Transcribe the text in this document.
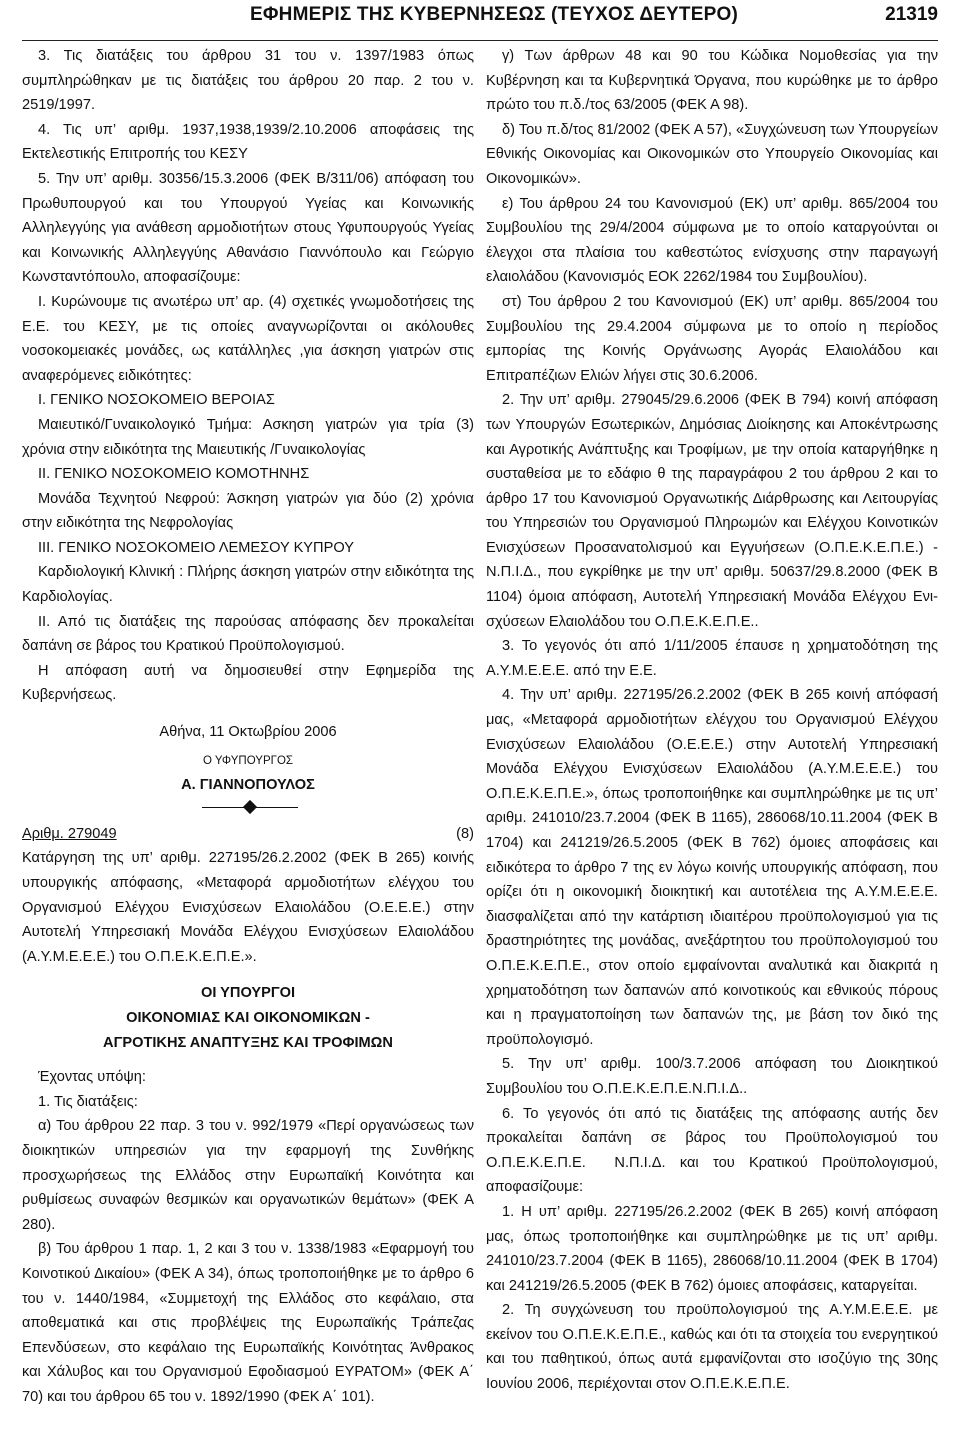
ΕΦΗΜΕΡΙΣ ΤΗΣ ΚΥΒΕΡΝΗΣΕΩΣ (ΤΕΥΧΟΣ ΔΕΥΤΕΡΟ)	21319

3. Τις διατάξεις του άρθρου 31 του ν. 1397/1983 όπως συμπληρώθηκαν με τις διατάξεις του άρθρου 20 παρ. 2 του ν. 2519/1997.

4. Τις υπ’ αριθμ. 1937,1938,1939/2.10.2006 αποφάσεις της Εκτελεστικής Επιτροπής του ΚΕΣΥ

5. Την υπ’ αριθμ. 30356/15.3.2006 (ΦΕΚ Β/311/06) απόφαση του Πρωθυπουργού και του Υπουργού Υγείας και Κοινωνικής Αλληλεγγύης για ανάθεση αρμοδιοτήτων στους Υφυπουργούς Υγείας και Κοινωνικής Αλληλεγγύης Αθανάσιο Γιαννόπουλο και Γεώργιο Κωνσταντόπουλο, αποφασίζουμε:

Ι. Κυρώνουμε τις ανωτέρω υπ’ αρ. (4) σχετικές γνωμοδοτήσεις της Ε.Ε. του ΚΕΣΥ, με τις οποίες αναγνωρίζονται οι ακόλουθες νοσοκομειακές μονάδες, ως κατάλληλες ,για άσκηση γιατρών στις αναφερόμενες ειδικότητες:

Ι. ΓΕΝΙΚΟ ΝΟΣΟΚΟΜΕΙΟ ΒΕΡΟΙΑΣ

Μαιευτικό/Γυναικολογικό Τμήμα: Ασκηση γιατρών για τρία (3) χρόνια στην ειδικότητα της Μαιευτικής /Γυναικολογίας

ΙΙ. ΓΕΝΙΚΟ ΝΟΣΟΚΟΜΕΙΟ ΚΟΜΟΤΗΝΗΣ

Μονάδα Τεχνητού Νεφρού: Άσκηση γιατρών για δύο (2) χρόνια στην ειδικότητα της Νεφρολογίας

ΙΙΙ. ΓΕΝΙΚΟ ΝΟΣΟΚΟΜΕΙΟ ΛΕΜΕΣΟΥ ΚΥΠΡΟΥ

Καρδιολογική Κλινική : Πλήρης άσκηση γιατρών στην ειδικότητα της Καρδιολογίας.

ΙΙ. Από τις διατάξεις της παρούσας απόφασης δεν προκαλείται δαπάνη σε βάρος του Κρατικού Προϋπολογισμού.

Η απόφαση αυτή να δημοσιευθεί στην Εφημερίδα της Κυβερνήσεως.

Αθήνα, 11 Οκτωβρίου 2006

Ο ΥΦΥΠΟΥΡΓΟΣ

Α. ΓΙΑΝΝΟΠΟΥΛΟΣ

Αριθμ. 279049	(8)

Κατάργηση της υπ’ αριθμ. 227195/26.2.2002 (ΦΕΚ Β 265) κοινής υπουργικής απόφασης, «Μεταφορά αρμοδιοτήτων ελέγχου του Οργανισμού Ελέγχου Ενισχύσεων Ελαιολάδου (Ο.Ε.Ε.Ε.) στην Αυτοτελή Υπηρεσιακή Μονάδα Ελέγχου Ενισχύσεων Ελαιολάδου (Α.Υ.Μ.Ε.Ε.Ε.) του Ο.Π.Ε.Κ.Ε.Π.Ε.».

ΟΙ ΥΠΟΥΡΓΟΙ

ΟΙΚΟΝΟΜΙΑΣ ΚΑΙ ΟΙΚΟΝΟΜΙΚΩΝ -

ΑΓΡΟΤΙΚΗΣ ΑΝΑΠΤΥΞΗΣ ΚΑΙ ΤΡΟΦΙΜΩΝ

Έχοντας υπόψη:

1. Τις διατάξεις:

α) Του άρθρου 22 παρ. 3 του ν. 992/1979 «Περί οργανώσεως των διοικητικών υπηρεσιών για την εφαρμογή της Συνθήκης προσχωρήσεως της Ελλάδος στην Ευρωπαϊκή Κοινότητα και ρυθμίσεως συναφών θεσμικών και οργανωτικών θεμάτων» (ΦΕΚ Α 280).

β) Του άρθρου 1 παρ. 1, 2 και 3 του ν. 1338/1983 «Εφαρμογή του Κοινοτικού Δικαίου» (ΦΕΚ Α 34), όπως τροποποιήθηκε με το άρθρο 6 του ν. 1440/1984, «Συμμετοχή της Ελλάδος στο κεφάλαιο, στα αποθεματικά και στις προβλέψεις της Ευρωπαϊκής Τράπεζας Επενδύσεων, στο κεφάλαιο της Ευρωπαϊκής Κοινότητας Άνθρακος και Χάλυβος και του Οργανισμού Εφοδιασμού ΕΥΡΑΤΟΜ» (ΦΕΚ Α΄ 70) και του άρθρου 65 του ν. 1892/1990 (ΦΕΚ Α΄ 101).

γ) Των άρθρων 48 και 90 του Κώδικα Νομοθεσίας για την Κυβέρνηση και τα Κυβερνητικά Όργανα, που κυρώθηκε με το άρθρο πρώτο του π.δ./τος 63/2005 (ΦΕΚ Α 98).

δ) Του π.δ/τος 81/2002 (ΦΕΚ Α 57), «Συγχώνευση των Υπουργείων Εθνικής Οικονομίας και Οικονομικών στο Υπουργείο Οικονομίας και Οικονομικών».

ε) Του άρθρου 24 του Κανονισμού (ΕΚ) υπ’ αριθμ. 865/2004 του Συμβουλίου της 29/4/2004 σύμφωνα με το οποίο καταργούνται οι έλεγχοι στα πλαίσια του καθεστώτος ενίσχυσης στην παραγωγή ελαιολάδου (Κανονισμός ΕΟΚ 2262/1984 του Συμβουλίου).

στ) Του άρθρου 2 του Κανονισμού (ΕΚ) υπ’ αριθμ. 865/2004 του Συμβουλίου της 29.4.2004 σύμφωνα με το οποίο η περίοδος εμπορίας της Κοινής Οργάνωσης Αγοράς Ελαιολάδου και Επιτραπέζιων Ελιών λήγει στις 30.6.2006.

2. Την υπ’ αριθμ. 279045/29.6.2006 (ΦΕΚ Β 794) κοινή απόφαση των Υπουργών Εσωτερικών, Δημόσιας Διοίκησης και Αποκέντρωσης και Αγροτικής Ανάπτυξης και Τροφίμων, με την οποία καταργήθηκε η συσταθείσα με το εδάφιο θ της παραγράφου 2 του άρθρου 2 και το άρθρο 17 του Κανονισμού Οργανωτικής Διάρθρωσης και Λειτουργίας του Υπηρεσιών του Οργανισμού Πληρωμών και Ελέγχου Κοινοτικών Ενισχύσεων Προσανατολισμού και Εγγυήσεων (Ο.Π.Ε.Κ.Ε.Π.Ε.) Ν.Π.Ι.Δ., που εγκρίθηκε με την υπ’ αριθμ. 50637/29.8.2000 (ΦΕΚ Β 1104) όμοια απόφαση, Αυτοτελή Υπηρεσιακή Μονάδα Ελέγχου Ενισχύσεων Ελαιολάδου του Ο.Π.Ε.Κ.Ε.Π.Ε..

3. Το γεγονός ότι από 1/11/2005 έπαυσε η χρηματοδότηση της Α.Υ.Μ.Ε.Ε.Ε. από την Ε.Ε.

4. Την υπ’ αριθμ. 227195/26.2.2002 (ΦΕΚ Β 265 κοινή απόφασή μας, «Μεταφορά αρμοδιοτήτων ελέγχου του Οργανισμού Ελέγχου Ενισχύσεων Ελαιολάδου (Ο.Ε.Ε.Ε.) στην Αυτοτελή Υπηρεσιακή Μονάδα Ελέγχου Ενισχύσεων Ελαιολάδου (Α.Υ.Μ.Ε.Ε.Ε.) του Ο.Π.Ε.Κ.Ε.Π.Ε.», όπως τροποποιήθηκε και συμπληρώθηκε με τις υπ’ αριθμ. 241010/23.7.2004 (ΦΕΚ Β 1165), 286068/10.11.2004 (ΦΕΚ Β 1704) και 241219/26.5.2005 (ΦΕΚ Β 762) όμοιες αποφάσεις και ειδικότερα το άρθρο 7 της εν λόγω κοινής υπουργικής απόφαση, που ορίζει ότι η οικονομική διοικητική και αυτοτέλεια της Α.Υ.Μ.Ε.Ε.Ε. διασφαλίζεται από την κατάρτιση ιδιαιτέρου προϋπολογισμού για τις δραστηριότητες της μονάδας, ανεξάρτητου του προϋπολογισμού του Ο.Π.Ε.Κ.Ε.Π.Ε., στον οποίο εμφαίνονται αναλυτικά και διακριτά η χρηματοδότηση των δαπανών από κοινοτικούς και εθνικούς πόρους και η πραγματοποίηση των δαπανών της, με βάση τον δικό της προϋπολογισμό.

5. Την υπ’ αριθμ. 100/3.7.2006 απόφαση του Διοικητικού Συμβουλίου του Ο.Π.Ε.Κ.Ε.Π.Ε.Ν.Π.Ι.Δ..

6. Το γεγονός ότι από τις διατάξεις της απόφασης αυτής δεν προκαλείται δαπάνη σε βάρος του Προϋπολογισμού του Ο.Π.Ε.Κ.Ε.Π.Ε. Ν.Π.Ι.Δ. και του Κρατικού Προϋπολογισμού, αποφασίζουμε:

1. Η υπ’ αριθμ. 227195/26.2.2002 (ΦΕΚ Β 265) κοινή απόφαση μας, όπως τροποποιήθηκε και συμπληρώθηκε με τις υπ’ αριθμ. 241010/23.7.2004 (ΦΕΚ Β 1165), 286068/10.11.2004 (ΦΕΚ Β 1704) και 241219/26.5.2005 (ΦΕΚ Β 762) όμοιες αποφάσεις, καταργείται.

2. Τη συγχώνευση του προϋπολογισμού της Α.Υ.Μ.Ε.Ε.Ε. με εκείνον του Ο.Π.Ε.Κ.Ε.Π.Ε., καθώς και ότι τα στοιχεία του ενεργητικού και του παθητικού, όπως αυτά εμφανίζονται στο ισοζύγιο της 30ης Ιουνίου 2006, περιέχονται στον Ο.Π.Ε.Κ.Ε.Π.Ε.
